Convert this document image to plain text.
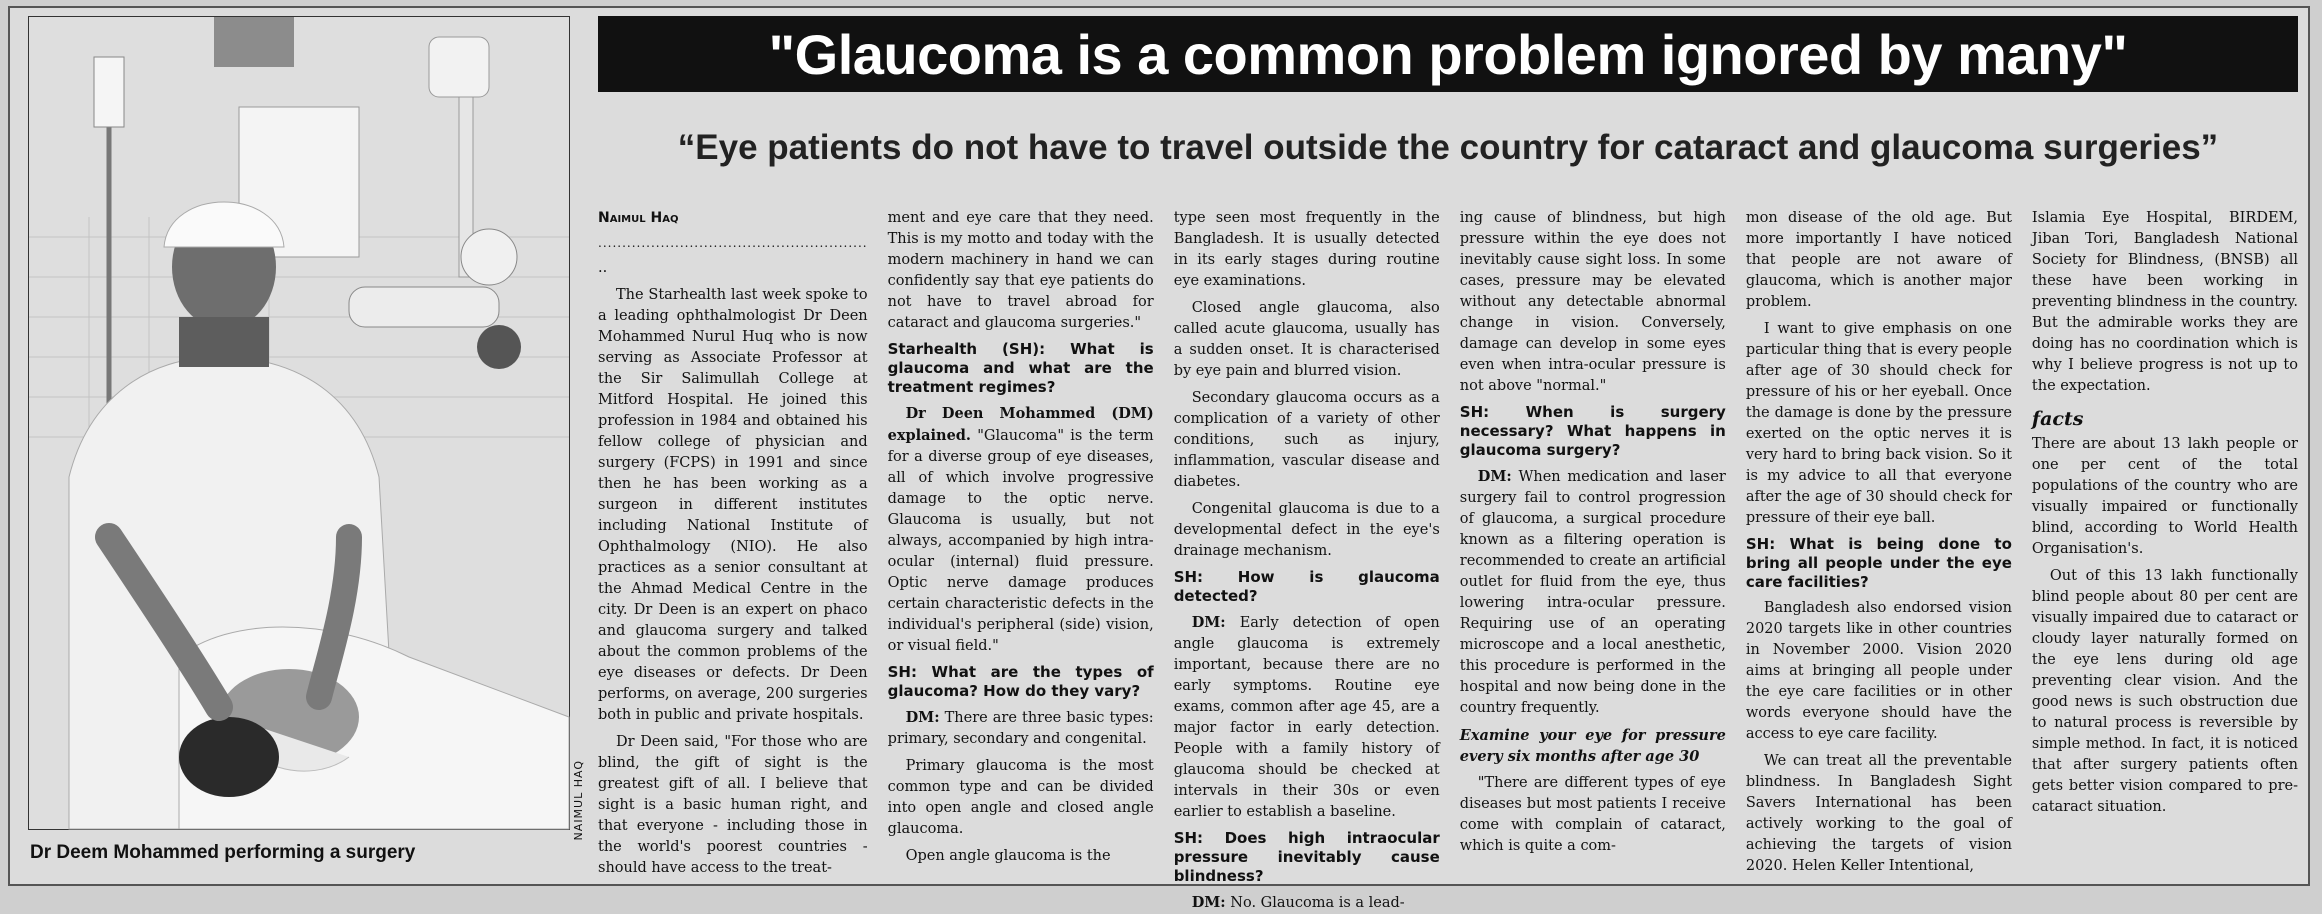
NAIMUL HAQ
Dr Deem Mohammed performing a surgery
"Glaucoma is a common problem ignored by many"
“Eye patients do not have to travel outside the country for cataract and glaucoma surgeries”
Naimul Haq
........................................................

..

The Starhealth last week spoke to a leading ophthalmologist Dr Deen Mohammed Nurul Huq who is now serving as Associate Professor at the Sir Salimullah College at Mitford Hospital. He joined this profession in 1984 and obtained his fellow college of physician and surgery (FCPS) in 1991 and since then he has been working as a surgeon in different institutes including National Institute of Ophthalmology (NIO). He also practices as a senior consultant at the Ahmad Medical Centre in the city. Dr Deen is an expert on phaco and glaucoma surgery and talked about the common problems of the eye diseases or defects. Dr Deen performs, on average, 200 surgeries both in public and private hospitals.

Dr Deen said, "For those who are blind, the gift of sight is the greatest gift of all. I believe that sight is a basic human right, and that everyone - including those in the world's poorest countries - should have access to the treat-

ment and eye care that they need. This is my motto and today with the modern machinery in hand we can confidently say that eye patients do not have to travel abroad for cataract and glaucoma surgeries."

Starhealth (SH): What is glaucoma and what are the treatment regimes?

Dr Deen Mohammed (DM) explained. "Glaucoma" is the term for a diverse group of eye diseases, all of which involve progressive damage to the optic nerve. Glaucoma is usually, but not always, accompanied by high intra-ocular (internal) fluid pressure. Optic nerve damage produces certain characteristic defects in the individual's peripheral (side) vision, or visual field."

SH: What are the types of glaucoma? How do they vary?

DM: There are three basic types: primary, secondary and congenital.

Primary glaucoma is the most common type and can be divided into open angle and closed angle glaucoma.

Open angle glaucoma is the

type seen most frequently in the Bangladesh. It is usually detected in its early stages during routine eye examinations.

Closed angle glaucoma, also called acute glaucoma, usually has a sudden onset. It is characterised by eye pain and blurred vision.

Secondary glaucoma occurs as a complication of a variety of other conditions, such as injury, inflammation, vascular disease and diabetes.

Congenital glaucoma is due to a developmental defect in the eye's drainage mechanism.

SH: How is glaucoma detected?

DM: Early detection of open angle glaucoma is extremely important, because there are no early symptoms. Routine eye exams, common after age 45, are a major factor in early detection. People with a family history of glaucoma should be checked at intervals in their 30s or even earlier to establish a baseline.

SH: Does high intraocular pressure inevitably cause blindness?

DM: No. Glaucoma is a lead-

ing cause of blindness, but high pressure within the eye does not inevitably cause sight loss. In some cases, pressure may be elevated without any detectable abnormal change in vision. Conversely, damage can develop in some eyes even when intra-ocular pressure is not above "normal."

SH: When is surgery necessary? What happens in glaucoma surgery?

DM: When medication and laser surgery fail to control progression of glaucoma, a surgical procedure known as a filtering operation is recommended to create an artificial outlet for fluid from the eye, thus lowering intra-ocular pressure. Requiring use of an operating microscope and a local anesthetic, this procedure is performed in the hospital and now being done in the country frequently.

Examine your eye for pressure every six months after age 30

"There are different types of eye diseases but most patients I receive come with complain of cataract, which is quite a com-

mon disease of the old age. But more importantly I have noticed that people are not aware of glaucoma, which is another major problem.

I want to give emphasis on one particular thing that is every people after age of 30 should check for pressure of his or her eyeball. Once the damage is done by the pressure exerted on the optic nerves it is very hard to bring back vision. So it is my advice to all that everyone after the age of 30 should check for pressure of their eye ball.

SH: What is being done to bring all people under the eye care facilities?

Bangladesh also endorsed vision 2020 targets like in other countries in November 2000. Vision 2020 aims at bringing all people under the eye care facilities or in other words everyone should have the access to eye care facility.

We can treat all the preventable blindness. In Bangladesh Sight Savers International has been actively working to the goal of achieving the targets of vision 2020. Helen Keller Intentional,

Islamia Eye Hospital, BIRDEM, Jiban Tori, Bangladesh National Society for Blindness, (BNSB) all these have been working in preventing blindness in the country. But the admirable works they are doing has no coordination which is why I believe progress is not up to the expectation.

facts

There are about 13 lakh people or one per cent of the total populations of the country who are visually impaired or functionally blind, according to World Health Organisation's.

Out of this 13 lakh functionally blind people about 80 per cent are visually impaired due to cataract or cloudy layer naturally formed on the eye lens during old age preventing clear vision. And the good news is such obstruction due to natural process is reversible by simple method. In fact, it is noticed that after surgery patients often gets better vision compared to pre-cataract situation.
